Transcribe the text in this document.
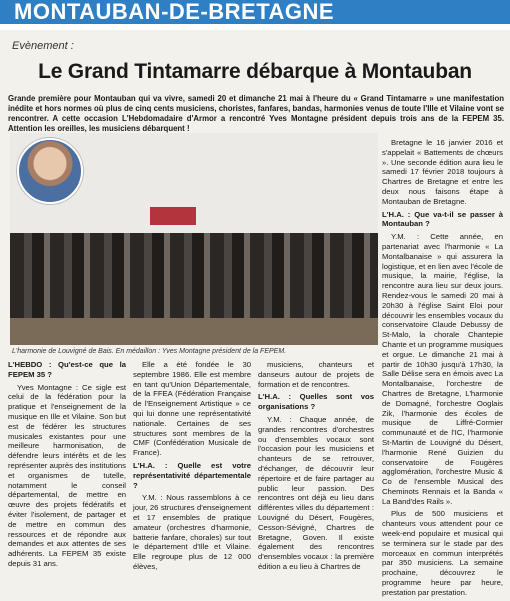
MONTAUBAN-DE-BRETAGNE
Evènement :
Le Grand Tintamarre débarque à Montauban
Grande première pour Montauban qui va vivre, samedi 20 et dimanche 21 mai à l'heure du « Grand Tintamarre » une manifestation inédite et hors normes où plus de cinq cents musiciens, choristes, fanfares, bandas, harmonies venus de toute l'Ille et Vilaine vont se rencontrer. A cette occasion L'Hebdomadaire d'Armor a rencontré Yves Montagne président depuis trois ans de la FEPEM 35. Attention les oreilles, les musiciens débarquent !
L'harmonie de Louvigné de Bais. En médaillon : Yves Montagne président de la FEPEM.

L'HEBDO : Qu'est-ce que la FEPEM 35 ?

Yves Montagne : Ce sigle est celui de la fédération pour la pratique et l'enseignement de la musique en Ille et Vilaine. Son but est de fédérer les structures musicales existantes pour une meilleure harmonisation, de défendre leurs intérêts et de les représenter auprès des institutions et organismes de tutelle, notamment le conseil départemental, de mettre en œuvre des projets fédératifs et éviter l'isolement, de partager et de mettre en commun des ressources et de répondre aux demandes et aux attentes de ses adhérents. La FEPEM 35 existe depuis 31 ans.

Elle a été fondée le 30 septembre 1986. Elle est membre en tant qu'Union Départementale, de la FFEA (Fédération Française de l'Enseignement Artistique » ce qui lui donne une représentativité nationale. Certaines de ses structures sont membres de la CMF (Confédération Musicale de France).

L'H.A. : Quelle est votre représentativité départementale ?

Y.M. : Nous rassemblons à ce jour, 26 structures d'enseignement et 17 ensembles de pratique amateur (orchestres d'harmonie, batterie fanfare, chorales) sur tout le département d'Ille et Vilaine. Elle regroupe plus de 12 000 élèves,

musiciens, chanteurs et danseurs autour de projets de formation et de rencontres.

L'H.A. : Quelles sont vos organisations ?

Y.M. : Chaque année, de grandes rencontres d'orchestres ou d'ensembles vocaux sont l'occasion pour les musiciens et chanteurs de se retrouver, d'échanger, de découvrir leur répertoire et de faire partager au public leur passion. Des rencontres ont déjà eu lieu dans différentes villes du département : Louvigné du Désert, Fougères, Cesson-Sévigné, Chartres de Bretagne, Goven. Il existe également des rencontres d'ensembles vocaux : la première édition a eu lieu à Chartres de

Bretagne le 16 janvier 2016 et s'appelait « Battements de chœurs ». Une seconde édition aura lieu le samedi 17 février 2018 toujours à Chartres de Bretagne et entre les deux nous faisons étape à Montauban de Bretagne.

L'H.A. : Que va-t-il se passer à Montauban ?

Y.M. : Cette année, en partenariat avec l'harmonie « La Montalbanaise » qui assurera la logistique, et en lien avec l'école de musique, la mairie, l'église, la rencontre aura lieu sur deux jours. Rendez-vous le samedi 20 mai à 20h30 à l'église Saint Eloi pour découvrir les ensembles vocaux du conservatoire Claude Debussy de St-Malo, la chorale Chantepie Chante et un programme musiques et orgue. Le dimanche 21 mai à partir de 10h30 jusqu'à 17h30, la Salle Délise sera en émois avec La Montalbanaise, l'orchestre de Chartres de Bretagne, L'harmonie de Domagné, l'orchestre Ooglais Zik, l'harmonie des écoles de musique de Liffré-Cormier communauté et de l'IC, l'harmonie St-Martin de Louvigné du Désert, l'harmonie René Guizien du conservatoire de Fougères agglomération, l'orchestre Music & Co de l'ensemble Musical des Cheminots Rennais et la Banda « La Band'des Rails ».

Plus de 500 musiciens et chanteurs vous attendent pour ce week-end populaire et musical qui se terminera sur le stade par des morceaux en commun interprétés par 350 musiciens. La semaine prochaine, découvrez le programme heure par heure, prestation par prestation.
